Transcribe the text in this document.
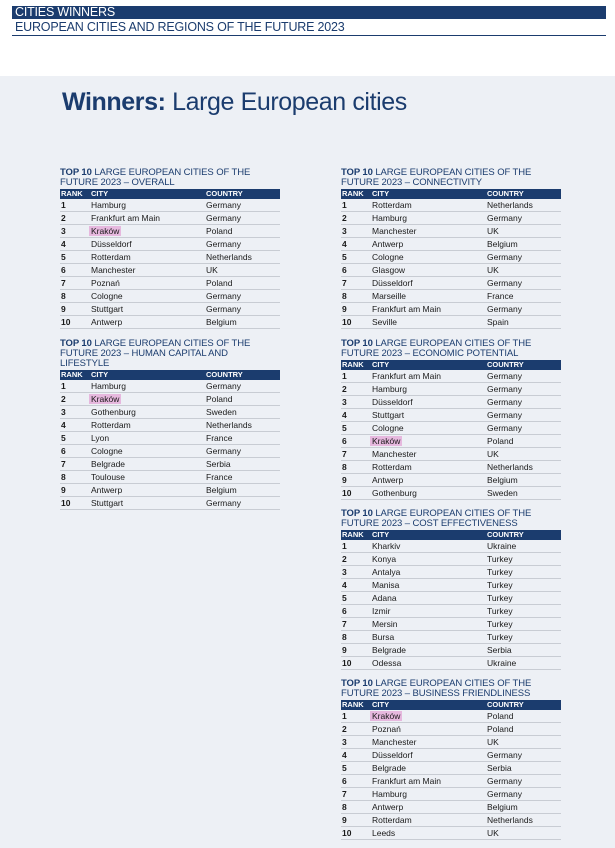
CITIES WINNERS
EUROPEAN CITIES AND REGIONS OF THE FUTURE 2023
Winners: Large European cities
TOP 10 LARGE EUROPEAN CITIES OF THE
FUTURE 2023 – OVERALL
RANK	CITY	COUNTRY
1	Hamburg	Germany
2	Frankfurt am Main	Germany
3	Kraków	Poland
4	Düsseldorf	Germany
5	Rotterdam	Netherlands
6	Manchester	UK
7	Poznań	Poland
8	Cologne	Germany
9	Stuttgart	Germany
10	Antwerp	Belgium
TOP 10 LARGE EUROPEAN CITIES OF THE
FUTURE 2023 – HUMAN CAPITAL AND
LIFESTYLE
RANK	CITY	COUNTRY
1	Hamburg	Germany
2	Kraków	Poland
3	Gothenburg	Sweden
4	Rotterdam	Netherlands
5	Lyon	France
6	Cologne	Germany
7	Belgrade	Serbia
8	Toulouse	France
9	Antwerp	Belgium
10	Stuttgart	Germany
TOP 10 LARGE EUROPEAN CITIES OF THE
FUTURE 2023 – CONNECTIVITY
RANK	CITY	COUNTRY
1	Rotterdam	Netherlands
2	Hamburg	Germany
3	Manchester	UK
4	Antwerp	Belgium
5	Cologne	Germany
6	Glasgow	UK
7	Düsseldorf	Germany
8	Marseille	France
9	Frankfurt am Main	Germany
10	Seville	Spain
TOP 10 LARGE EUROPEAN CITIES OF THE
FUTURE 2023 – ECONOMIC POTENTIAL
RANK	CITY	COUNTRY
1	Frankfurt am Main	Germany
2	Hamburg	Germany
3	Düsseldorf	Germany
4	Stuttgart	Germany
5	Cologne	Germany
6	Kraków	Poland
7	Manchester	UK
8	Rotterdam	Netherlands
9	Antwerp	Belgium
10	Gothenburg	Sweden
TOP 10 LARGE EUROPEAN CITIES OF THE
FUTURE 2023 – COST EFFECTIVENESS
RANK	CITY	COUNTRY
1	Kharkiv	Ukraine
2	Konya	Turkey
3	Antalya	Turkey
4	Manisa	Turkey
5	Adana	Turkey
6	Izmir	Turkey
7	Mersin	Turkey
8	Bursa	Turkey
9	Belgrade	Serbia
10	Odessa	Ukraine
TOP 10 LARGE EUROPEAN CITIES OF THE
FUTURE 2023 – BUSINESS FRIENDLINESS
RANK	CITY	COUNTRY
1	Kraków	Poland
2	Poznań	Poland
3	Manchester	UK
4	Düsseldorf	Germany
5	Belgrade	Serbia
6	Frankfurt am Main	Germany
7	Hamburg	Germany
8	Antwerp	Belgium
9	Rotterdam	Netherlands
10	Leeds	UK
